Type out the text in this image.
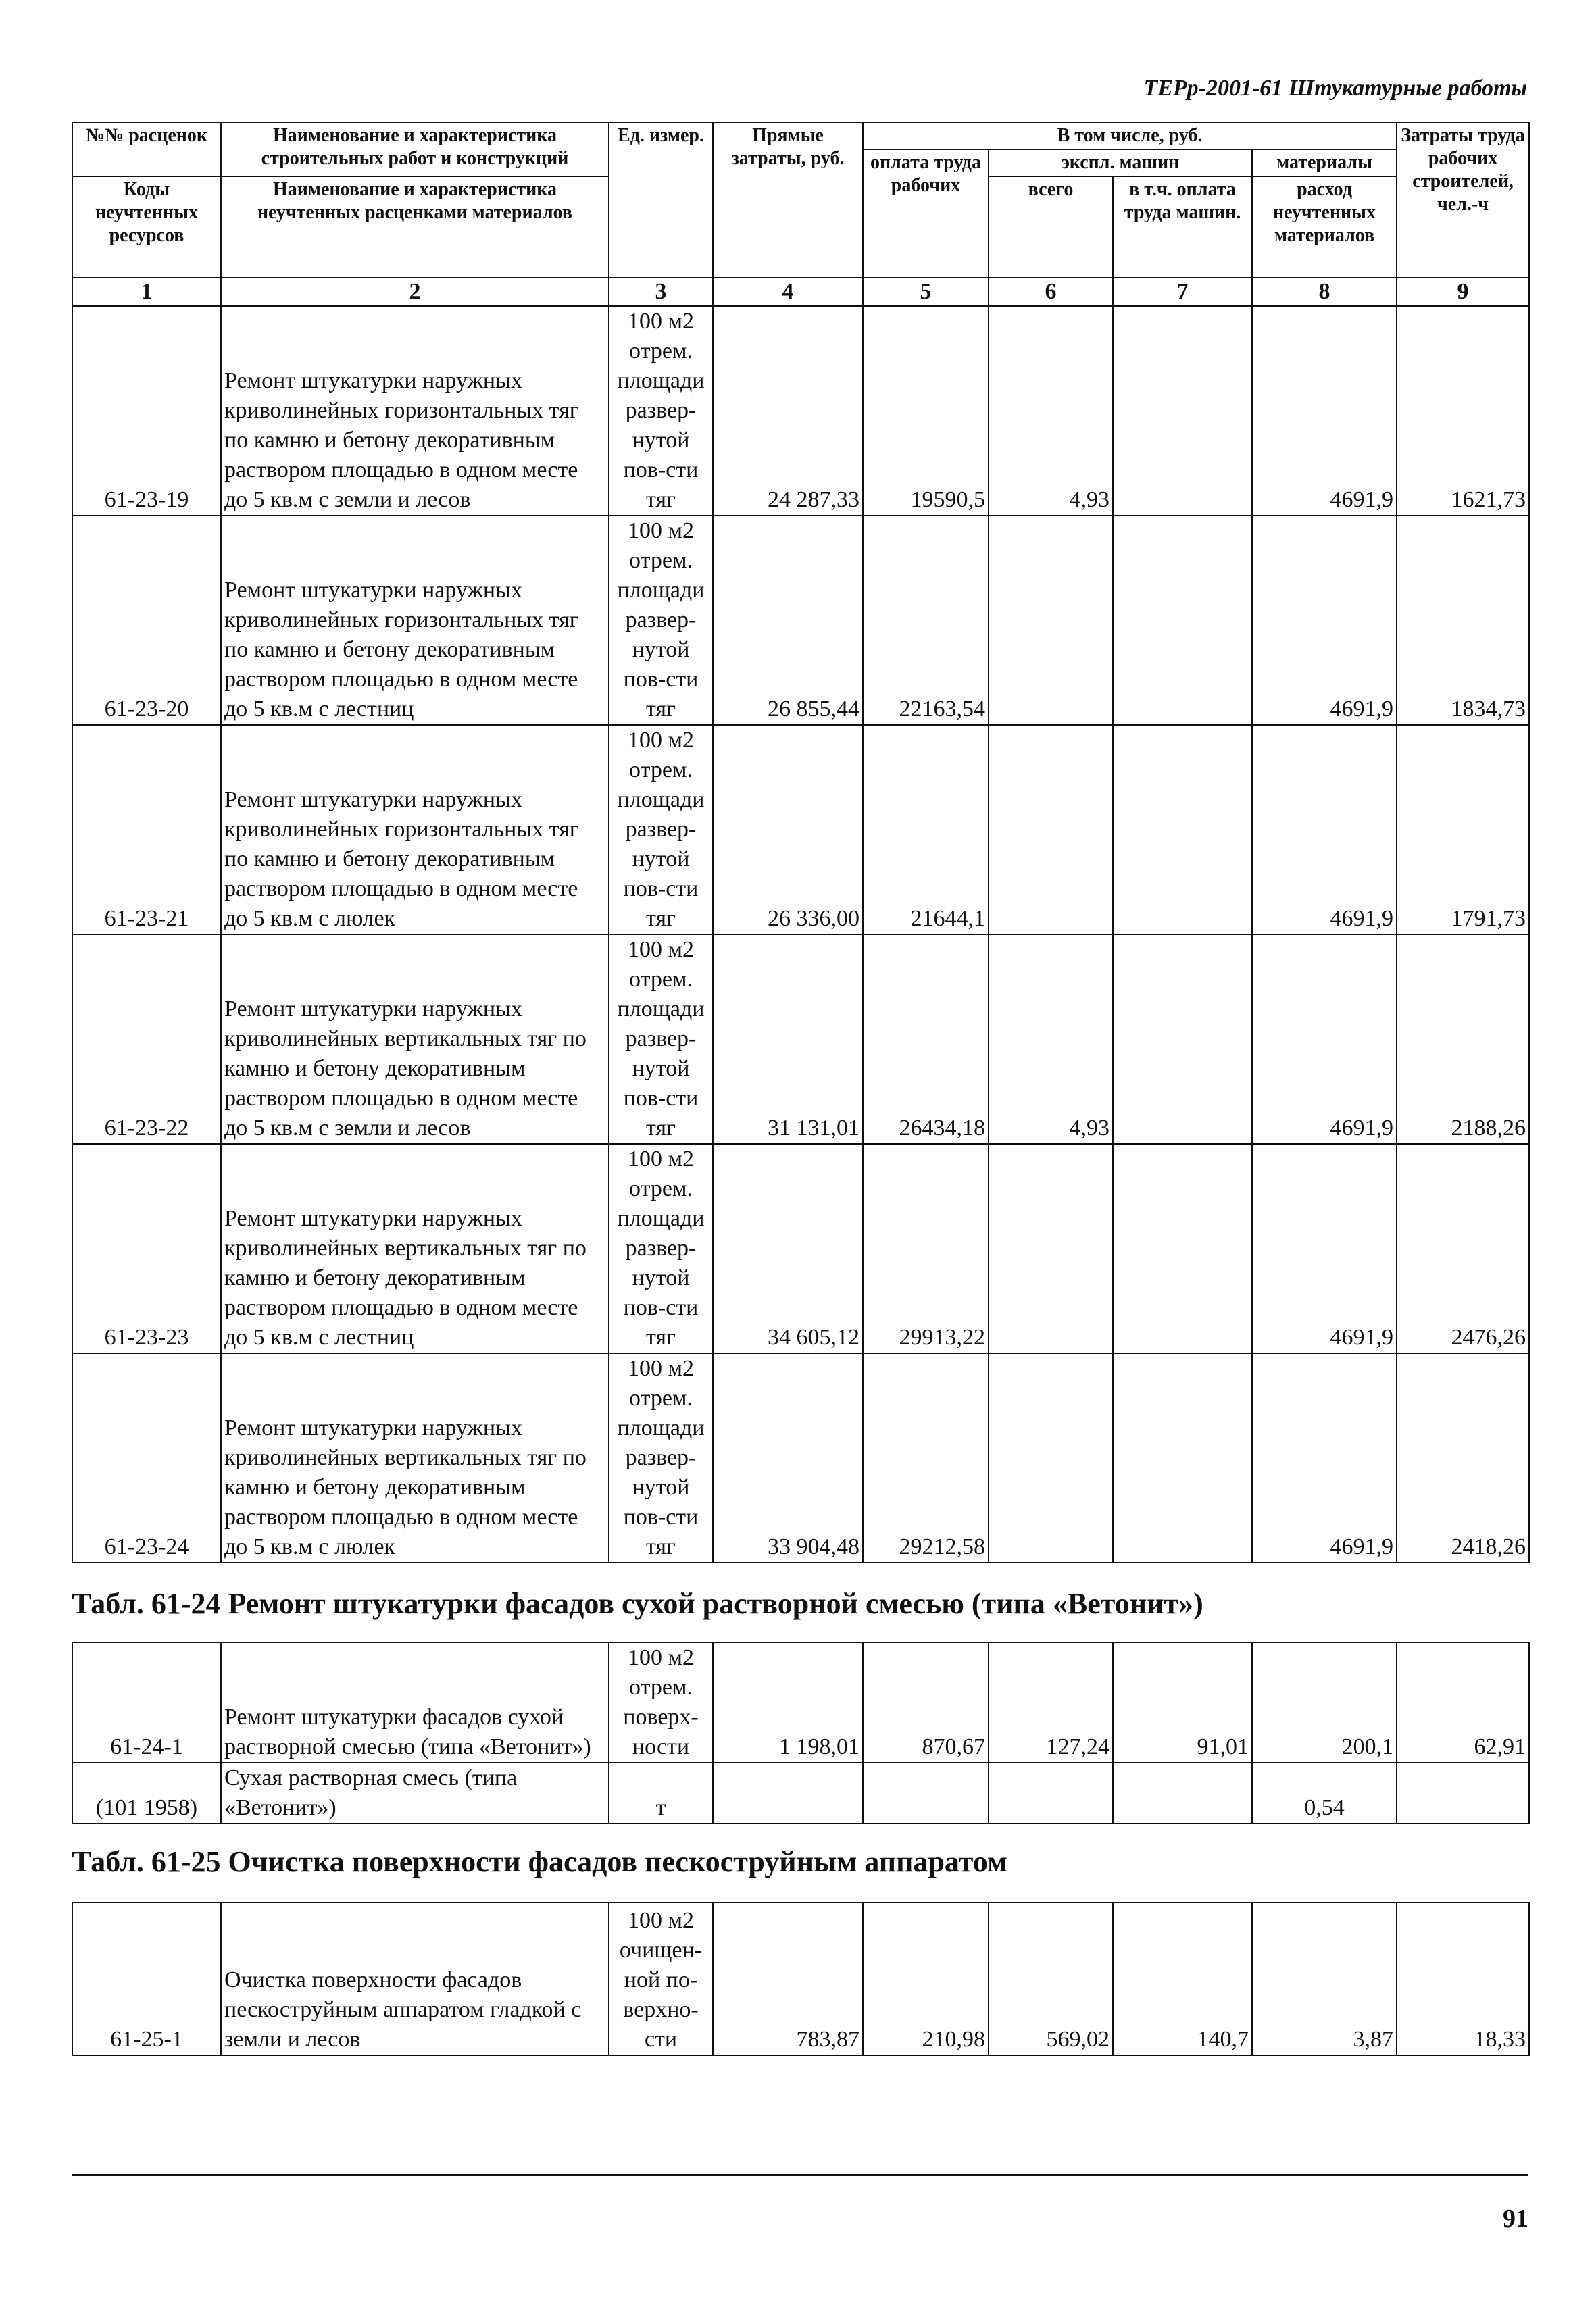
ТЕРр-2001-61 Штукатурные работы
№№ расценок	Наименование и характеристика строительных работ и конструкций	Ед. измер.	Прямые затраты, руб.	В том числе, руб.				Затраты труда рабочих строителей, чел.-ч
				оплата труда рабочих	экспл. машин		материалы	
Коды неучтенных ресурсов	Наименование и характеристика неучтенных расценками материалов				всего	в т.ч. оплата труда машин.	расход неучтенных материалов	

1	2	3	4	5	6	7	8	9
61-23-19	Ремонт штукатурки наружных криволинейных горизонтальных тяг по камню и бетону декоративным раствором площадью в одном месте до 5 кв.м с земли и лесов	100 м2 отрем. площади развер-нутой пов-сти тяг	24 287,33	19590,5	4,93		4691,9	1621,73
61-23-20	Ремонт штукатурки наружных криволинейных горизонтальных тяг по камню и бетону декоративным раствором площадью в одном месте до 5 кв.м с лестниц	100 м2 отрем. площади развер-нутой пов-сти тяг	26 855,44	22163,54			4691,9	1834,73
61-23-21	Ремонт штукатурки наружных криволинейных горизонтальных тяг по камню и бетону декоративным раствором площадью в одном месте до 5 кв.м с люлек	100 м2 отрем. площади развер-нутой пов-сти тяг	26 336,00	21644,1			4691,9	1791,73
61-23-22	Ремонт штукатурки наружных криволинейных вертикальных тяг по камню и бетону декоративным раствором площадью в одном месте до 5 кв.м с земли и лесов	100 м2 отрем. площади развер-нутой пов-сти тяг	31 131,01	26434,18	4,93		4691,9	2188,26
61-23-23	Ремонт штукатурки наружных криволинейных вертикальных тяг по камню и бетону декоративным раствором площадью в одном месте до 5 кв.м с лестниц	100 м2 отрем. площади развер-нутой пов-сти тяг	34 605,12	29913,22			4691,9	2476,26
61-23-24	Ремонт штукатурки наружных криволинейных вертикальных тяг по камню и бетону декоративным раствором площадью в одном месте до 5 кв.м с люлек	100 м2 отрем. площади развер-нутой пов-сти тяг	33 904,48	29212,58			4691,9	2418,26
Табл. 61-24 Ремонт штукатурки фасадов сухой растворной смесью (типа «Ветонит»)
61-24-1	Ремонт штукатурки фасадов сухой растворной смесью (типа «Ветонит»)	100 м2 отрем. поверх-ности	1 198,01	870,67	127,24	91,01	200,1	62,91
(101 1958)	Сухая растворная смесь (типа «Ветонит»)	т					0,54	
Табл. 61-25 Очистка поверхности фасадов пескоструйным аппаратом
61-25-1	Очистка поверхности фасадов пескоструйным аппаратом гладкой с земли и лесов	100 м2 очищен-ной по-верхно-сти	783,87	210,98	569,02	140,7	3,87	18,33
91
